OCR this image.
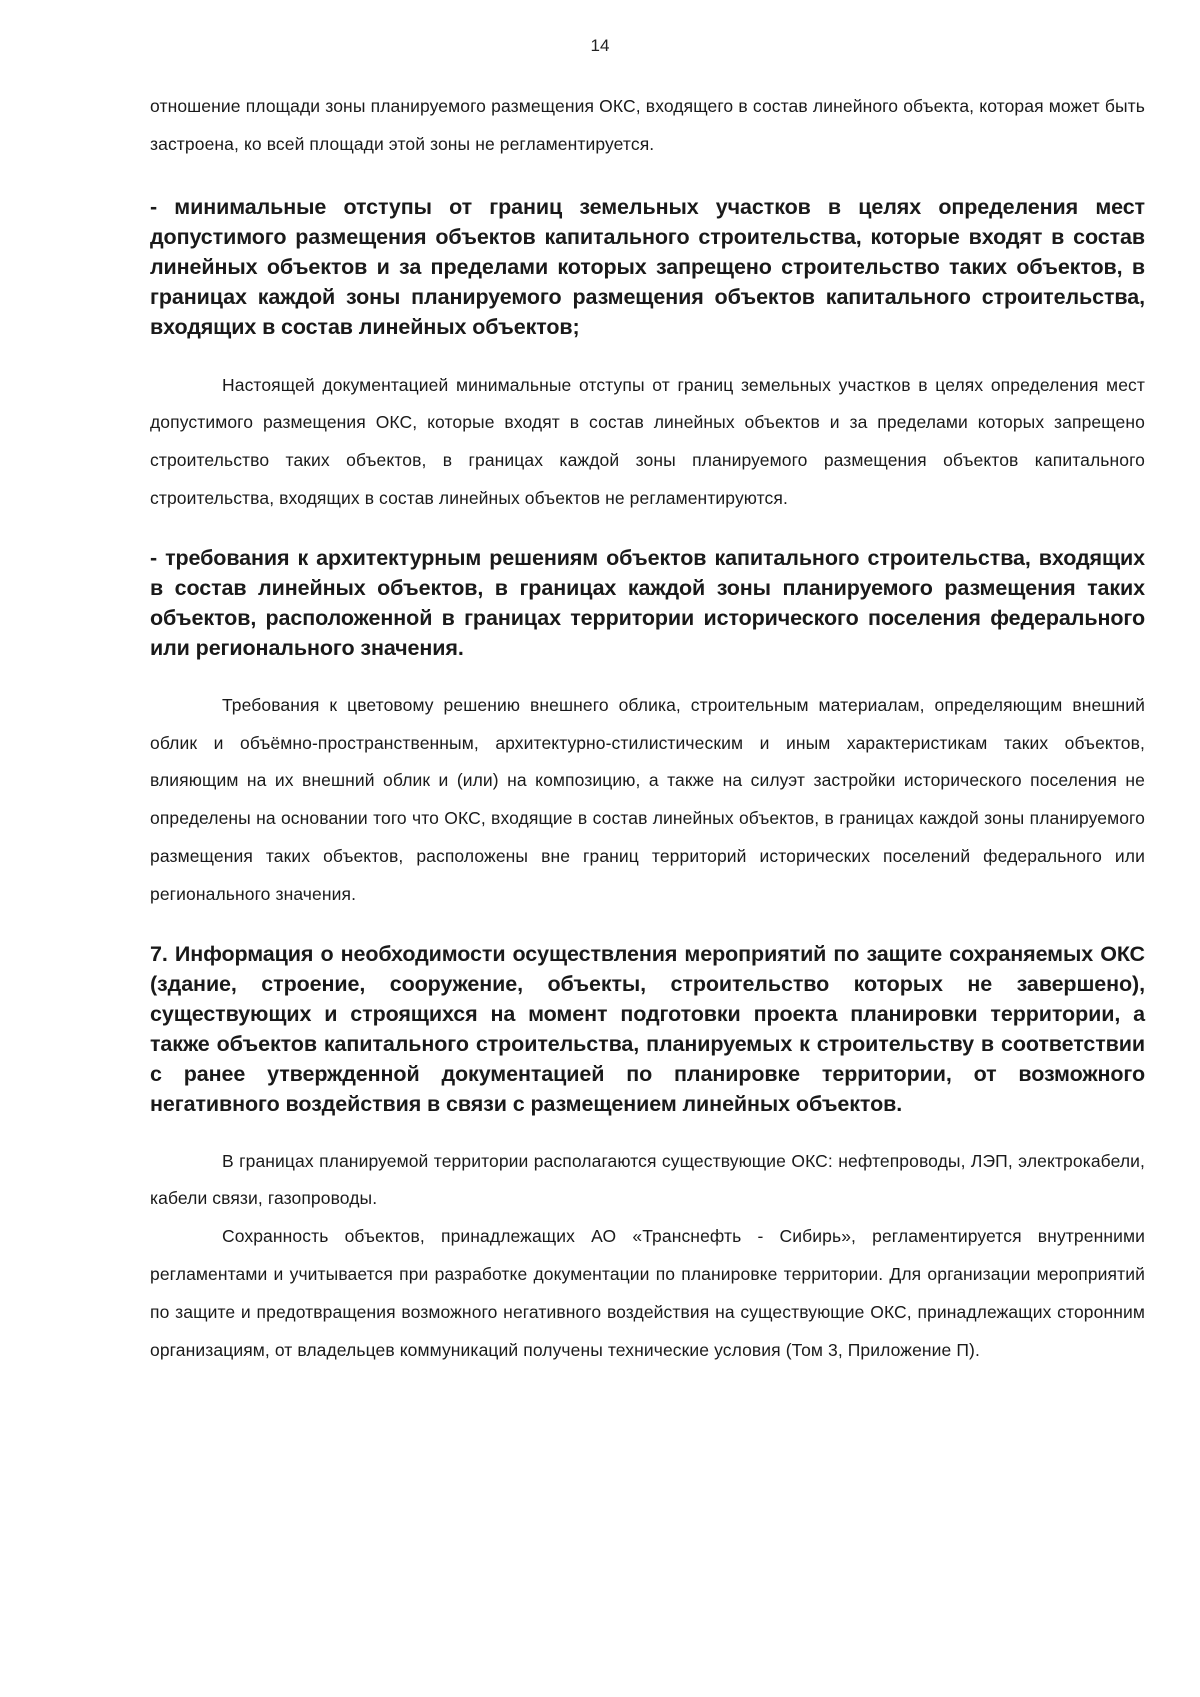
14

отношение площади зоны планируемого размещения ОКС, входящего в состав линейного объекта, которая может быть застроена, ко всей площади этой зоны не регламентируется.

- минимальные отступы от границ земельных участков в целях определения мест допустимого размещения объектов капитального строительства, которые входят в состав линейных объектов и за пределами которых запрещено строительство таких объектов, в границах каждой зоны планируемого размещения объектов капитального строительства, входящих в состав линейных объектов;

Настоящей документацией минимальные отступы от границ земельных участков в целях определения мест допустимого размещения ОКС, которые входят в состав линейных объектов и за пределами которых запрещено строительство таких объектов, в границах каждой зоны планируемого размещения объектов капитального строительства, входящих в состав линейных объектов не регламентируются.

- требования к архитектурным решениям объектов капитального строительства, входящих в состав линейных объектов, в границах каждой зоны планируемого размещения таких объектов, расположенной в границах территории исторического поселения федерального или регионального значения.

Требования к цветовому решению внешнего облика, строительным материалам, определяющим внешний облик и объёмно-пространственным, архитектурно-стилистическим и иным характеристикам таких объектов, влияющим на их внешний облик и (или) на композицию, а также на силуэт застройки исторического поселения не определены на основании того что ОКС, входящие в состав линейных объектов, в границах каждой зоны планируемого размещения таких объектов, расположены вне границ территорий исторических поселений федерального или регионального значения.

7. Информация о необходимости осуществления мероприятий по защите сохраняемых ОКС (здание, строение, сооружение, объекты, строительство которых не завершено), существующих и строящихся на момент подготовки проекта планировки территории, а также объектов капитального строительства, планируемых к строительству в соответствии с ранее утвержденной документацией по планировке территории, от возможного негативного воздействия в связи с размещением линейных объектов.

В границах планируемой территории располагаются существующие ОКС: нефтепроводы, ЛЭП, электрокабели, кабели связи, газопроводы.

Сохранность объектов, принадлежащих АО «Транснефть - Сибирь», регламентируется внутренними регламентами и учитывается при разработке документации по планировке территории. Для организации мероприятий по защите и предотвращения возможного негативного воздействия на существующие ОКС, принадлежащих сторонним организациям, от владельцев коммуникаций получены технические условия (Том 3, Приложение П).
